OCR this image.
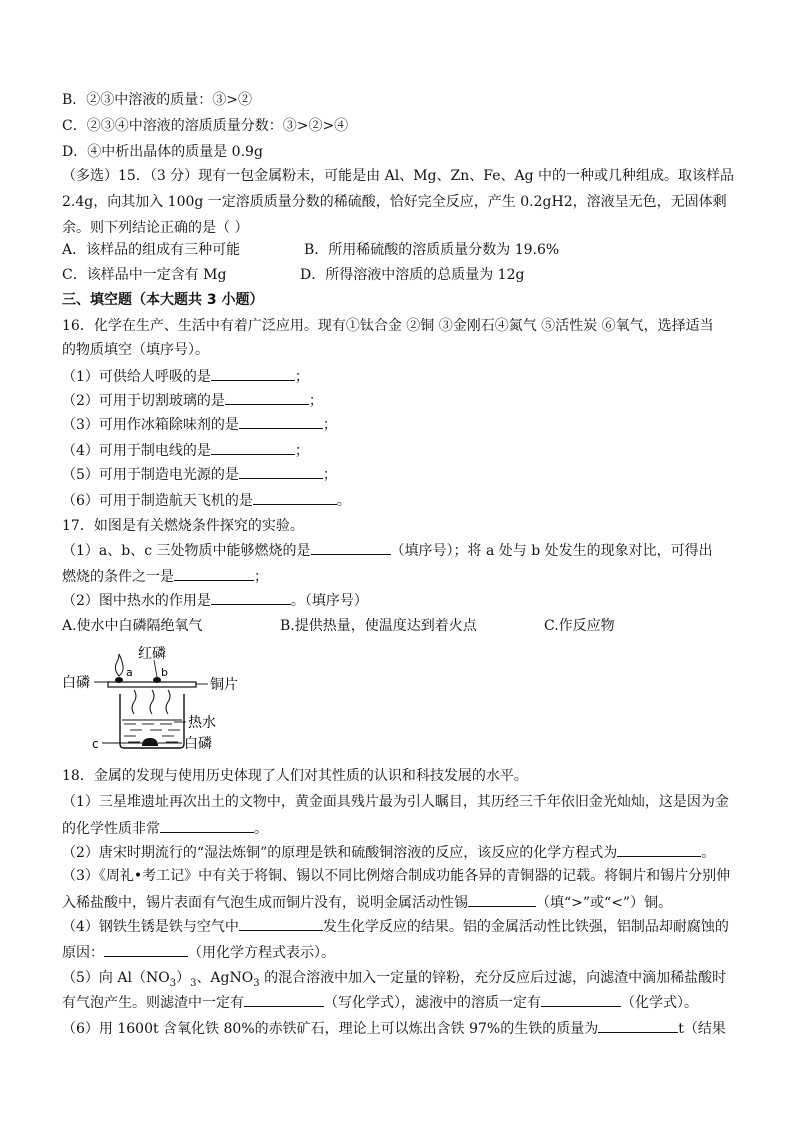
B．②③中溶液的质量：③>②
C．②③④中溶液的溶质质量分数：③>②>④
D．④中析出晶体的质量是 0.9g
（多选）15．（3 分）现有一包金属粉末，可能是由 Al、Mg、Zn、Fe、Ag 中的一种或几种组成。取该样品
2.4g，向其加入 100g 一定溶质质量分数的稀硫酸，恰好完全反应，产生 0.2gH2，溶液呈无色，无固体剩
余。则下列结论正确的是（ ）
A．该样品的组成有三种可能	B．所用稀硫酸的溶质质量分数为 19.6%
C．该样品中一定含有 Mg	D．所得溶液中溶质的总质量为 12g
三、填空题（本大题共 3 小题）
16．化学在生产、生活中有着广泛应用。现有①钛合金 ②铜 ③金刚石④氮气 ⑤活性炭 ⑥氧气，选择适当
的物质填空（填序号）。
（1）可供给人呼吸的是	；
（2）可用于切割玻璃的是	；
（3）可用作冰箱除味剂的是	；
（4）可用于制电线的是	；
（5）可用于制造电光源的是	；
（6）可用于制造航天飞机的是	。
17．如图是有关燃烧条件探究的实验。
（1）a、b、c 三处物质中能够燃烧的是	（填序号）；将 a 处与 b 处发生的现象对比，可得出
燃烧的条件之一是	；
（2）图中热水的作用是	。（填序号）
A.使水中白磷隔绝氧气	B.提供热量，使温度达到着火点	C.作反应物
红磷
白磷
a	b
铜片
热水
c	白磷
18．金属的发现与使用历史体现了人们对其性质的认识和科技发展的水平。
（1）三星堆遗址再次出土的文物中，黄金面具残片最为引人瞩目，其历经三千年依旧金光灿灿，这是因为金
的化学性质非常	。
（2）唐宋时期流行的“湿法炼铜”的原理是铁和硫酸铜溶液的反应，该反应的化学方程式为	。
（3）《周礼•考工记》中有关于将铜、锡以不同比例熔合制成功能各异的青铜器的记载。将铜片和锡片分别伸
入稀盐酸中，锡片表面有气泡生成而铜片没有，说明金属活动性锡	（填“>”或“<”）铜。
（4）钢铁生锈是铁与空气中	发生化学反应的结果。铝的金属活动性比铁强，铝制品却耐腐蚀的
原因：	（用化学方程式表示）。
（5）向 $Al(NO_3)_3$、AgNO$_3$ 的混合溶液中加入一定量的锌粉，充分反应后过滤，向滤渣中滴加稀盐酸时
有气泡产生。则滤渣中一定有	（写化学式），滤液中的溶质一定有	（化学式）。
（6）用 1600t 含氧化铁 80%的赤铁矿石，理论上可以炼出含铁 97%的生铁的质量为	t（结果
